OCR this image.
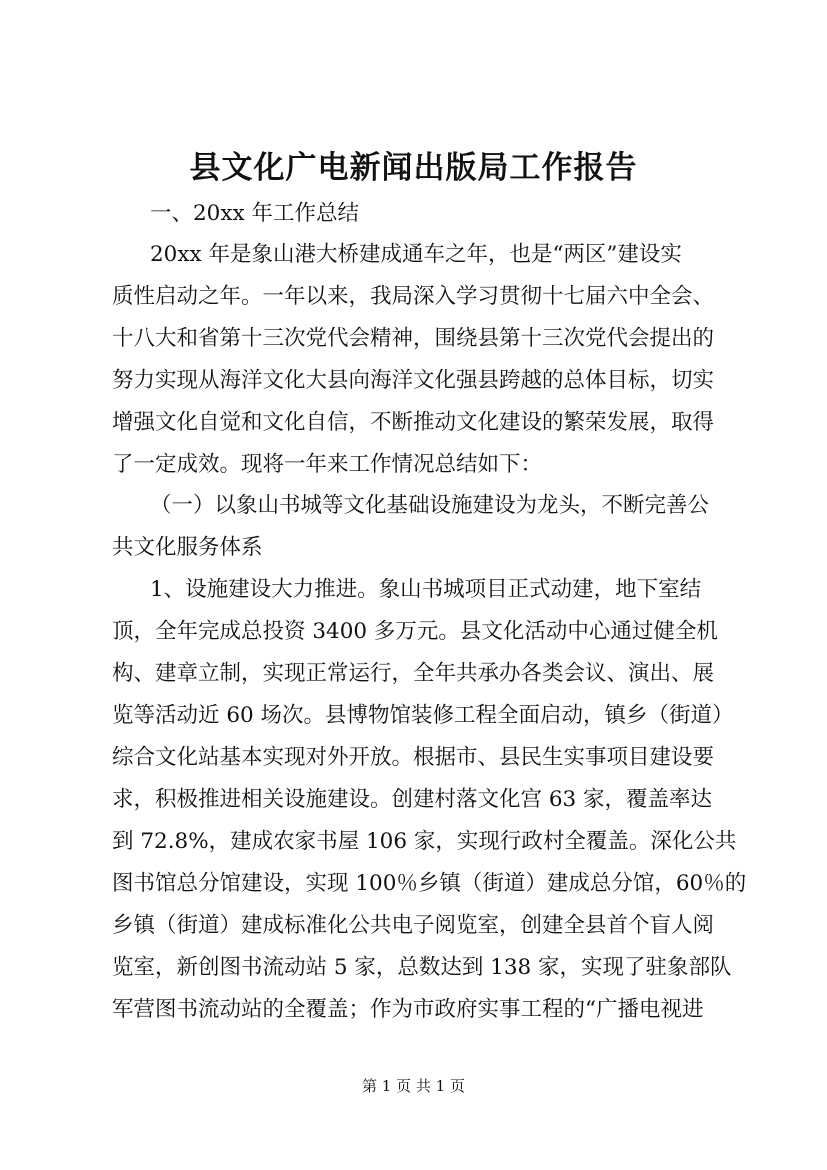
县文化广电新闻出版局工作报告

一、20xx 年工作总结

20xx 年是象山港大桥建成通车之年，也是“两区”建设实

质性启动之年。一年以来，我局深入学习贯彻十七届六中全会、

十八大和省第十三次党代会精神，围绕县第十三次党代会提出的

努力实现从海洋文化大县向海洋文化强县跨越的总体目标，切实

增强文化自觉和文化自信，不断推动文化建设的繁荣发展，取得

了一定成效。现将一年来工作情况总结如下：

（一）以象山书城等文化基础设施建设为龙头，不断完善公

共文化服务体系

1、设施建设大力推进。象山书城项目正式动建，地下室结

顶，全年完成总投资 3400 多万元。县文化活动中心通过健全机

构、建章立制，实现正常运行，全年共承办各类会议、演出、展

览等活动近 60 场次。县博物馆装修工程全面启动，镇乡（街道）

综合文化站基本实现对外开放。根据市、县民生实事项目建设要

求，积极推进相关设施建设。创建村落文化宫 63 家，覆盖率达

到 72.8%，建成农家书屋 106 家，实现行政村全覆盖。深化公共

图书馆总分馆建设，实现 100％乡镇（街道）建成总分馆，60％的

乡镇（街道）建成标准化公共电子阅览室，创建全县首个盲人阅

览室，新创图书流动站 5 家，总数达到 138 家，实现了驻象部队

军营图书流动站的全覆盖；作为市政府实事工程的“广播电视进

第 1 页 共 1 页
